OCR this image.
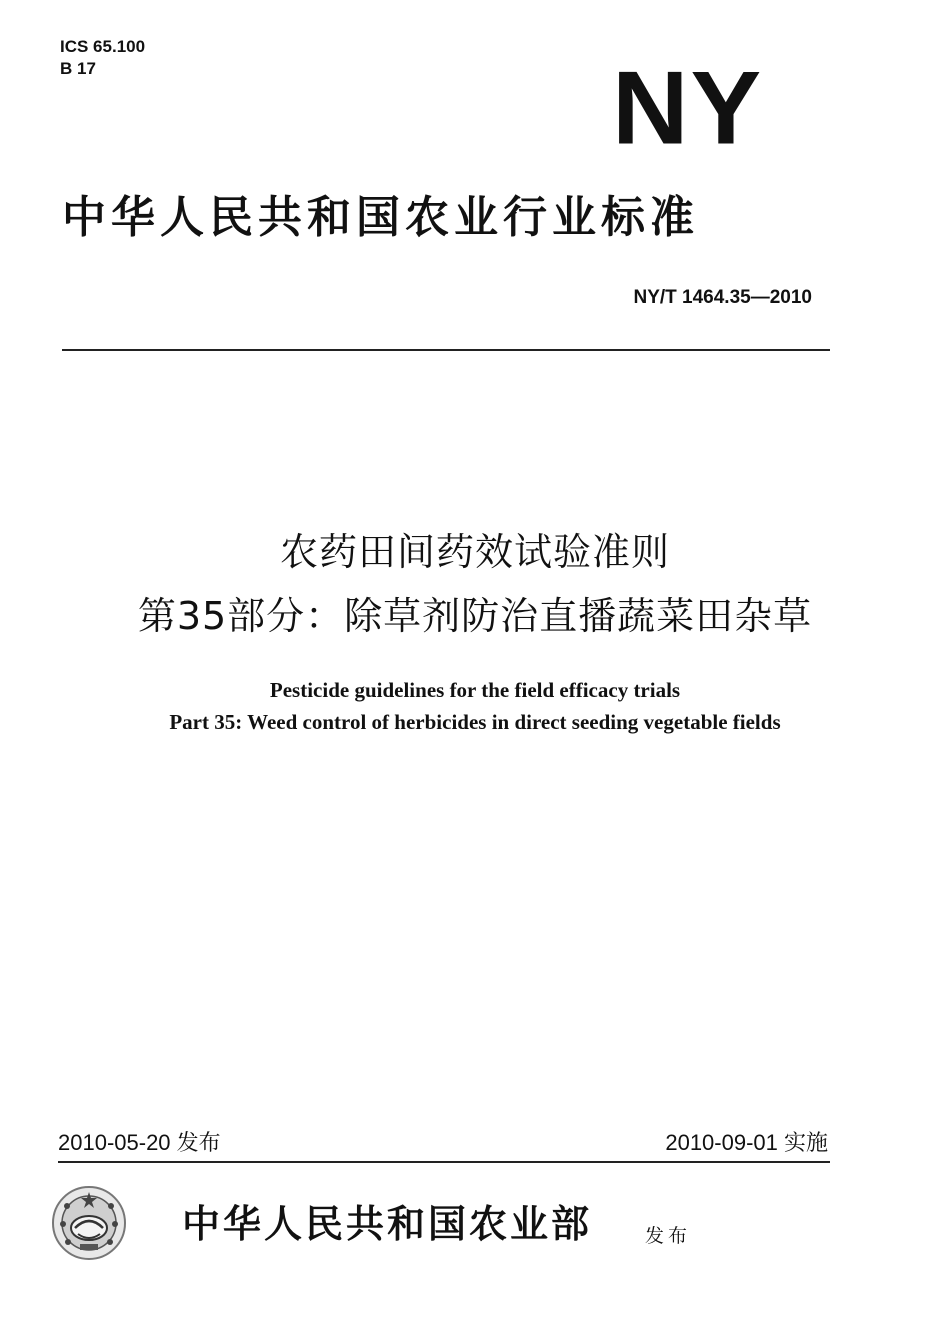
ICS 65.100
B 17	NY
中华人民共和国农业行业标准
NY/T 1464.35—2010
农药田间药效试验准则
第35部分：除草剂防治直播蔬菜田杂草
Pesticide guidelines for the field efficacy trials
Part 35: Weed control of herbicides in direct seeding vegetable fields
2010-05-20 发布	2010-09-01 实施
中华人民共和国农业部	发布
